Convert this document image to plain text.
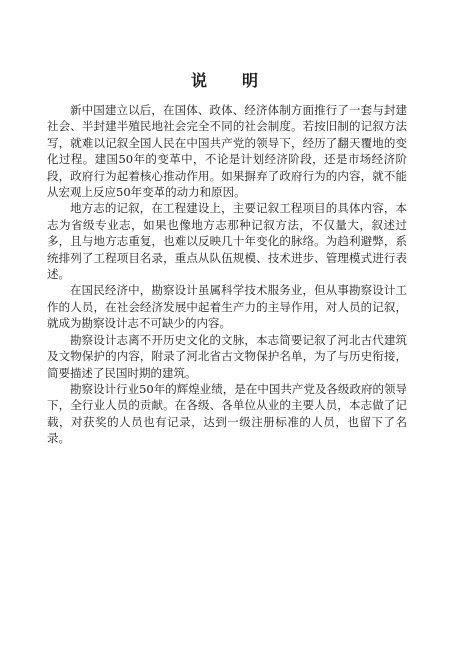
说 明

新中国建立以后，在国体、政体、经济体制方面推行了一套与封建社会、半封建半殖民地社会完全不同的社会制度。若按旧制的记叙方法写，就难以记叙全国人民在中国共产党的领导下，经历了翻天覆地的变化过程。建国50年的变革中，不论是计划经济阶段，还是市场经济阶段，政府行为起着核心推动作用。如果摒弃了政府行为的内容，就不能从宏观上反应50年变革的动力和原因。

地方志的记叙，在工程建设上，主要记叙工程项目的具体内容，本志为省级专业志，如果也像地方志那种记叙方法，不仅量大，叙述过多，且与地方志重复，也难以反映几十年变化的脉络。为趋利避弊，系统排列了工程项目名录，重点从队伍规模、技术进步、管理模式进行表述。

在国民经济中，勘察设计虽属科学技术服务业，但从事勘察设计工作的人员，在社会经济发展中起着生产力的主导作用，对人员的记叙，就成为勘察设计志不可缺少的内容。

勘察设计志离不开历史文化的文脉，本志简要记叙了河北古代建筑及文物保护的内容，附录了河北省古文物保护名单，为了与历史衔接，简要描述了民国时期的建筑。

勘察设计行业50年的辉煌业绩，是在中国共产党及各级政府的领导下，全行业人员的贡献。在各级、各单位从业的主要人员，本志做了记载，对获奖的人员也有记录，达到一级注册标准的人员，也留下了名录。
